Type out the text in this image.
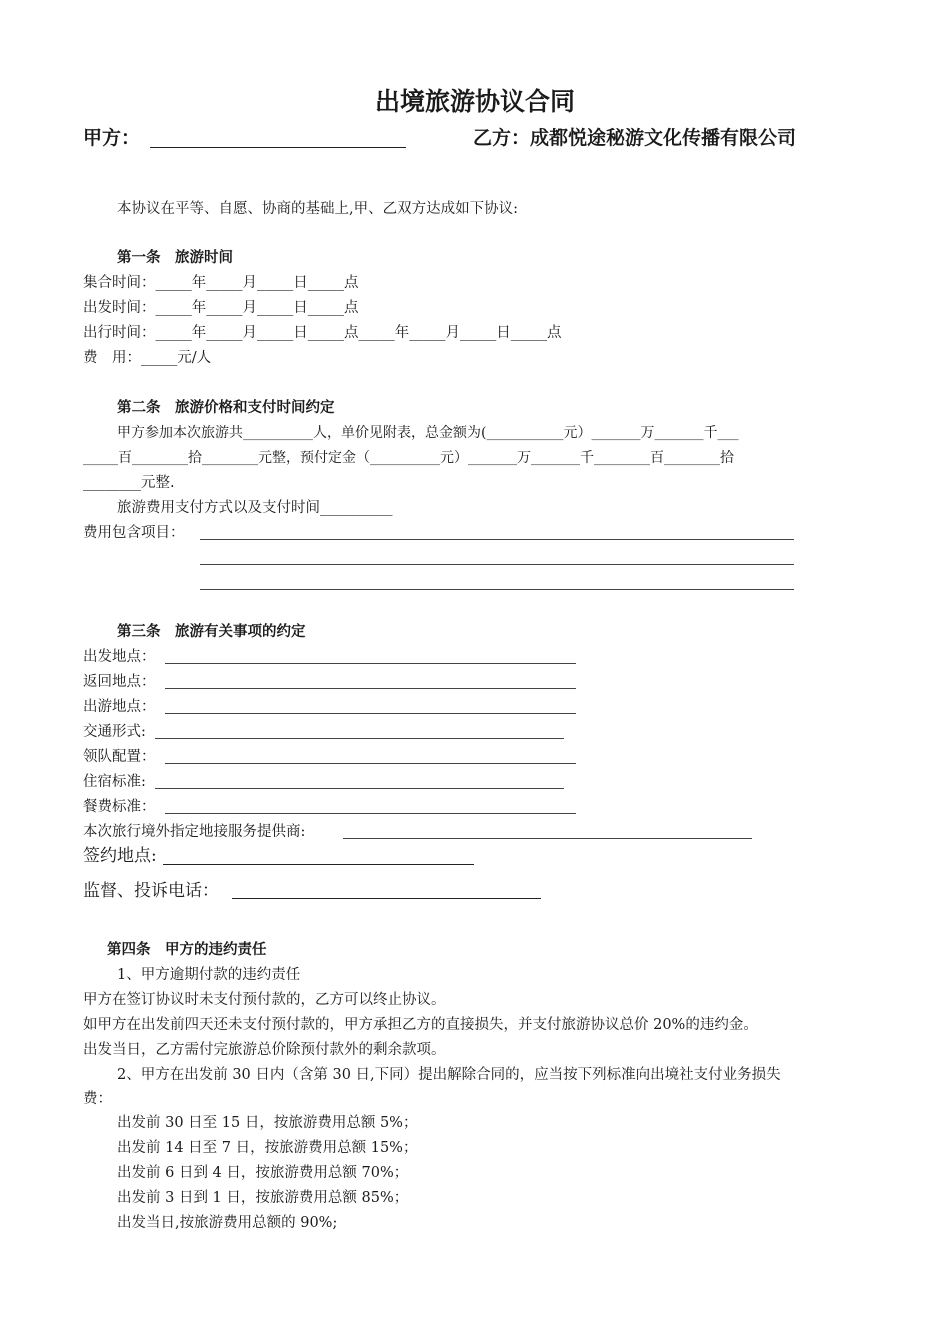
出境旅游协议合同
甲方：	乙方：成都悦途秘游文化传播有限公司
本协议在平等、自愿、协商的基础上,甲、乙双方达成如下协议:
第一条　旅游时间
集合时间：_____年_____月_____日_____点
出发时间：_____年_____月_____日_____点
出行时间：_____年_____月_____日_____点_____年_____月_____日_____点
费　用：_____元/人
第二条　旅游价格和支付时间约定
甲方参加本次旅游共__________人，单价见附表，总金额为(___________元）_______万_______千___
_____百________拾________元整，预付定金（__________元）_______万_______千________百________拾
________元整.
旅游费用支付方式以及支付时间__________
费用包含项目：
第三条　旅游有关事项的约定
出发地点：
返回地点：
出游地点：
交通形式:
领队配置：
住宿标准:
餐费标准：
本次旅行境外指定地接服务提供商:
签约地点:
监督、投诉电话：
第四条　甲方的违约责任
1、甲方逾期付款的违约责任
甲方在签订协议时未支付预付款的，乙方可以终止协议。
如甲方在出发前四天还未支付预付款的，甲方承担乙方的直接损失，并支付旅游协议总价 20%的违约金。
出发当日，乙方需付完旅游总价除预付款外的剩余款项。
2、甲方在出发前 30 日内（含第 30 日,下同）提出解除合同的，应当按下列标准向出境社支付业务损失
费：
出发前 30 日至 15 日，按旅游费用总额 5%；
出发前 14 日至 7 日，按旅游费用总额 15%；
出发前 6 日到 4 日，按旅游费用总额 70%；
出发前 3 日到 1 日，按旅游费用总额 85%；
出发当日,按旅游费用总额的 90%;
